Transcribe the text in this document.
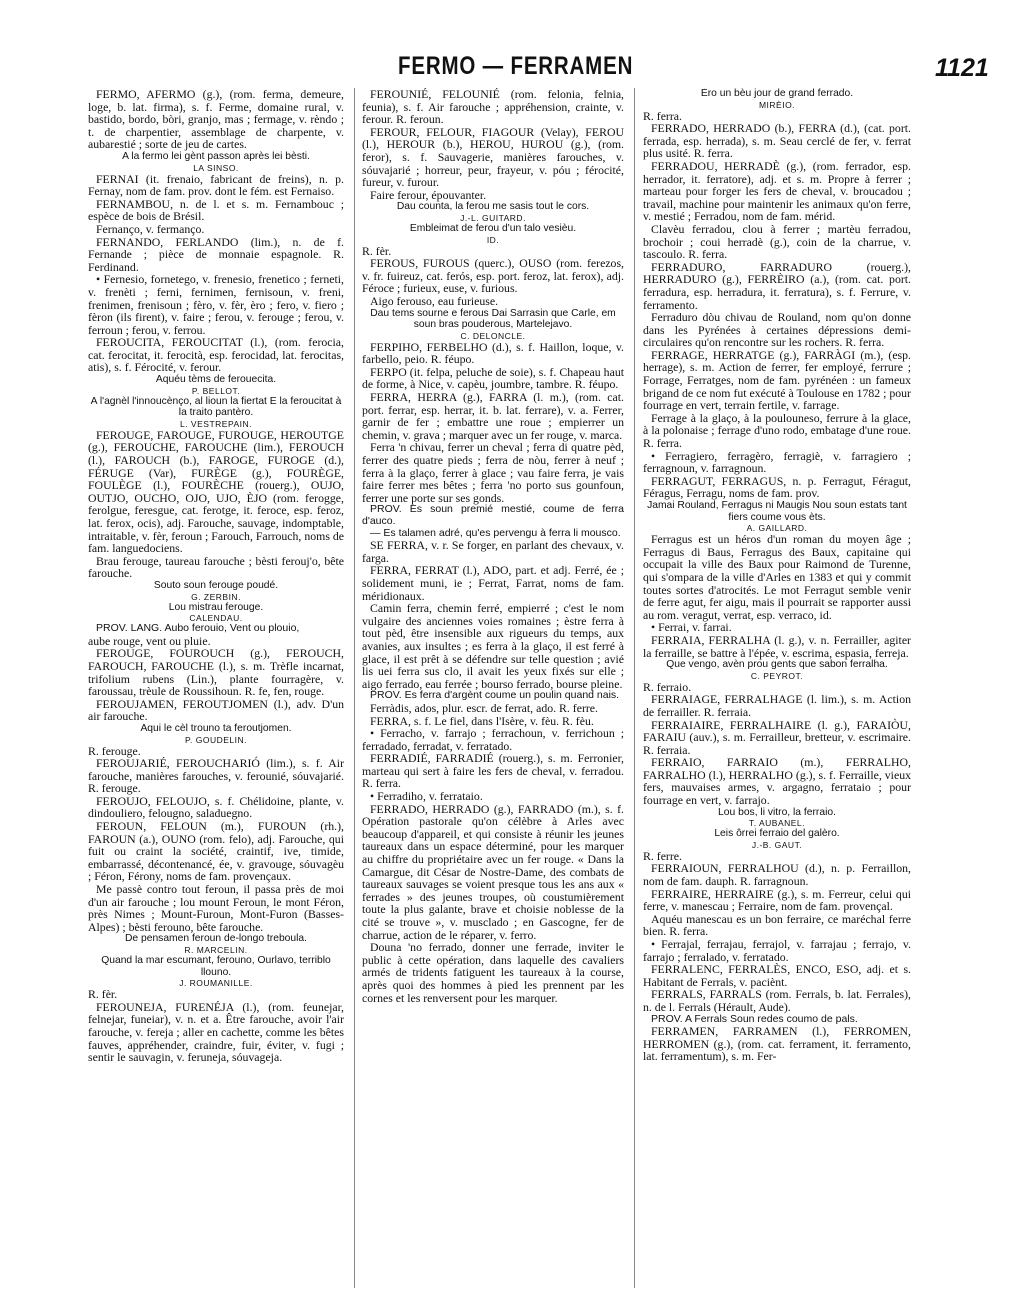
FERMO — FERRAMEN	1121

FERMO, AFERMO (g.), (rom. ferma, demeure, loge, b. lat. firma), s. f. Ferme, domaine rural, v. bastido, bordo, bòri, granjo, mas ; fermage, v. rèndo ; t. de charpentier, assemblage de charpente, v. aubarestié ; sorte de jeu de cartes.

A la fermo lei gènt passon après lei bèsti.

LA SINSO.

FERNAI (it. frenaio, fabricant de freins), n. p. Fernay, nom de fam. prov. dont le fém. est Fernaiso.

FERNAMBOU, n. de l. et s. m. Fernambouc ; espèce de bois de Brésil.

Fernanço, v. fermanço.

FERNANDO, FERLANDO (lim.), n. de f. Fernande ; pièce de monnaie espagnole. R. Ferdinand.

• Fernesio, fornetego, v. frenesio, frenetico ; ferneti, v. frenèti ; ferni, fernimen, fernisoun, v. freni, frenimen, frenisoun ; fèro, v. fèr, èro ; fero, v. fiero ; fèron (ils firent), v. faire ; ferou, v. ferouge ; ferou, v. ferroun ; ferou, v. ferrou.

FEROUCITA, FEROUCITAT (l.), (rom. ferocia, cat. ferocitat, it. ferocità, esp. ferocidad, lat. ferocitas, atis), s. f. Férocité, v. ferour.

Aquéu tèms de ferouecita.

P. BELLOT.

A l'agnèl l'innoucènço, al lioun la fiertat E la feroucitat à la traito pantèro.

L. VESTREPAIN.

FEROUGE, FAROUGE, FUROUGE, HEROUTGE (g.), FEROUCHE, FAROUCHE (lim.), FEROUCH (l.), FAROUCH (b.), FAROGE, FUROGE (d.), FÉRUGE (Var), FURÈGE (g.), FOURÈGE, FOULÈGE (l.), FOURÈCHE (rouerg.), OUJO, OUTJO, OUCHO, OJO, UJO, ÈJO (rom. ferogge, ferolgue, feresgue, cat. ferotge, it. feroce, esp. feroz, lat. ferox, ocis), adj. Farouche, sauvage, indomptable, intraitable, v. fèr, feroun ; Farouch, Farrouch, noms de fam. languedociens.

Brau ferouge, taureau farouche ; bèsti ferouj'o, bête farouche.

Souto soun ferouge poudé.

G. ZERBIN.

Lou mistrau ferouge.

CALENDAU.

PROV. LANG. Aubo ferouio, Vent ou plouio,

aube rouge, vent ou pluie.

FEROUGE, FOUROUCH (g.), FEROUCH, FAROUCH, FAROUCHE (l.), s. m. Trèfle incarnat, trifolium rubens (Lin.), plante fourragère, v. faroussau, trèule de Roussihoun. R. fe, fen, rouge.

FEROUJAMEN, FEROUTJOMEN (l.), adv. D'un air farouche.

Aqui le cèl trouno ta feroutjomen.

P. GOUDELIN.

R. ferouge.

FEROUJARIÉ, FEROUCHARIÓ (lim.), s. f. Air farouche, manières farouches, v. ferounié, sóuvajarié. R. ferouge.

FEROUJO, FELOUJO, s. f. Chélidoine, plante, v. dindouliero, felougno, saladuegno.

FEROUN, FELOUN (m.), FUROUN (rh.), FAROUN (a.), OUNO (rom. felo), adj. Farouche, qui fuit ou craint la société, craintif, ive, timide, embarrassé, décontenancé, ée, v. gravouge, sóuvagèu ; Féron, Férony, noms de fam. provençaux.

Me passè contro tout feroun, il passa près de moi d'un air farouche ; lou mount Feroun, le mont Féron, près Nimes ; Mount-Furoun, Mont-Furon (Basses-Alpes) ; bèsti ferouno, bête farouche.

De pensamen feroun de-longo treboula.

R. MARCELIN.

Quand la mar escumant, ferouno, Ourlavo, terriblo llouno.

J. ROUMANILLE.

R. fèr.

FEROUNEJA, FURENÉJA (l.), (rom. feunejar, felnejar, funeiar), v. n. et a. Être farouche, avoir l'air farouche, v. fereja ; aller en cachette, comme les bêtes fauves, appréhender, craindre, fuir, éviter, v. fugi ; sentir le sauvagin, v. feruneja, sóuvageja.

FEROUNIÉ, FELOUNIÉ (rom. felonia, felnia, feunia), s. f. Air farouche ; appréhension, crainte, v. ferour. R. feroun.

FEROUR, FELOUR, FIAGOUR (Velay), FEROU (l.), HEROUR (b.), HEROU, HUROU (g.), (rom. feror), s. f. Sauvagerie, manières farouches, v. sóuvajarié ; horreur, peur, frayeur, v. póu ; férocité, fureur, v. furour.

Faire ferour, épouvanter.

Dau counta, la ferou me sasis tout le cors.

J.-L. GUITARD.

Embleimat de ferou d'un talo vesièu.

ID.

R. fèr.

FEROUS, FUROUS (querc.), OUSO (rom. ferezos, v. fr. fuireuz, cat. ferós, esp. port. feroz, lat. ferox), adj. Féroce ; furieux, euse, v. furious.

Aigo ferouso, eau furieuse.

Dau tems sourne e ferous Dai Sarrasin que Carle, em soun bras pouderous, Martelejavo.

C. DELONCLE.

FERPIHO, FERBELHO (d.), s. f. Haillon, loque, v. farbello, peio. R. féupo.

FERPO (it. felpa, peluche de soie), s. f. Chapeau haut de forme, à Nice, v. capèu, joumbre, tambre. R. féupo.

FERRA, HERRA (g.), FARRA (l. m.), (rom. cat. port. ferrar, esp. herrar, it. b. lat. ferrare), v. a. Ferrer, garnir de fer ; embattre une roue ; empierrer un chemin, v. grava ; marquer avec un fer rouge, v. marca.

Ferra 'n chivau, ferrer un cheval ; ferra di quatre pèd, ferrer des quatre pieds ; ferra de nòu, ferrer à neuf ; ferra à la glaço, ferrer à glace ; vau faire ferra, je vais faire ferrer mes bêtes ; ferra 'no porto sus gounfoun, ferrer une porte sur ses gonds.

PROV. Es soun premié mestié, coume de ferra d'auco.

— Es talamen adré, qu'es pervengu à ferra li mousco.

SE FERRA, v. r. Se forger, en parlant des chevaux, v. farga.

FERRA, FERRAT (l.), ADO, part. et adj. Ferré, ée ; solidement muni, ie ; Ferrat, Farrat, noms de fam. méridionaux.

Camin ferra, chemin ferré, empierré ; c'est le nom vulgaire des anciennes voies romaines ; èstre ferra à tout pèd, être insensible aux rigueurs du temps, aux avanies, aux insultes ; es ferra à la glaço, il est ferré à glace, il est prêt à se défendre sur telle question ; avié lis uei ferra sus clo, il avait les yeux fixés sur elle ; aigo ferrado, eau ferrée ; bourso ferrado, bourse pleine.

PROV. Es ferra d'argènt coume un poulin quand nais.

Ferràdis, ados, plur. escr. de ferrat, ado. R. ferre.

FERRA, s. f. Le fiel, dans l'Isère, v. fèu. R. fèu.

• Ferracho, v. farrajo ; ferrachoun, v. ferrichoun ; ferradado, ferradat, v. ferratado.

FERRADIÉ, FARRADIÉ (rouerg.), s. m. Ferronier, marteau qui sert à faire les fers de cheval, v. ferradou. R. ferra.

• Ferradiho, v. ferrataio.

FERRADO, HERRADO (g.), FARRADO (m.), s. f. Opération pastorale qu'on célèbre à Arles avec beaucoup d'appareil, et qui consiste à réunir les jeunes taureaux dans un espace déterminé, pour les marquer au chiffre du propriétaire avec un fer rouge. « Dans la Camargue, dit César de Nostre-Dame, des combats de taureaux sauvages se voient presque tous les ans aux « ferrades » des jeunes troupes, où coustumièrement toute la plus galante, brave et choisie noblesse de la cité se trouve », v. musclado ; en Gascogne, fer de charrue, action de le réparer, v. ferro.

Douna 'no ferrado, donner une ferrade, inviter le public à cette opération, dans laquelle des cavaliers armés de tridents fatiguent les taureaux à la course, après quoi des hommes à pied les prennent par les cornes et les renversent pour les marquer.

Èro un bèu jour de grand ferrado.

MIRÈIO.

R. ferra.

FERRADO, HERRADO (b.), FERRA (d.), (cat. port. ferrada, esp. herrada), s. m. Seau cerclé de fer, v. ferrat plus usité. R. ferra.

FERRADOU, HERRADÈ (g.), (rom. ferrador, esp. herrador, it. ferratore), adj. et s. m. Propre à ferrer ; marteau pour forger les fers de cheval, v. broucadou ; travail, machine pour maintenir les animaux qu'on ferre, v. mestié ; Ferradou, nom de fam. mérid.

Clavèu ferradou, clou à ferrer ; martèu ferradou, brochoir ; coui herradè (g.), coin de la charrue, v. tascoulo. R. ferra.

FERRADURO, FARRADURO (rouerg.), HERRADURO (g.), FERRÈIRO (a.), (rom. cat. port. ferradura, esp. herradura, it. ferratura), s. f. Ferrure, v. ferramento.

Ferraduro dòu chivau de Rouland, nom qu'on donne dans les Pyrénées à certaines dépressions demi-circulaires qu'on rencontre sur les rochers. R. ferra.

FERRAGE, HERRATGE (g.), FARRÀGI (m.), (esp. herrage), s. m. Action de ferrer, fer employé, ferrure ; Forrage, Ferratges, nom de fam. pyrénéen : un fameux brigand de ce nom fut exécuté à Toulouse en 1782 ; pour fourrage en vert, terrain fertile, v. farrage.

Ferrage à la glaço, à la poulouneso, ferrure à la glace, à la polonaise ; ferrage d'uno rodo, embatage d'une roue. R. ferra.

• Ferragiero, ferragèro, ferragiè, v. farragiero ; ferragnoun, v. farragnoun.

FERRAGUT, FERRAGUS, n. p. Ferragut, Féragut, Féragus, Ferragu, noms de fam. prov.

Jamai Rouland, Ferragus ni Maugis Nou soun estats tant fiers coume vous èts.

A. GAILLARD.

Ferragus est un héros d'un roman du moyen âge ; Ferragus di Baus, Ferragus des Baux, capitaine qui occupait la ville des Baux pour Raimond de Turenne, qui s'ompara de la ville d'Arles en 1383 et qui y commit toutes sortes d'atrocités. Le mot Ferragut semble venir de ferre agut, fer aigu, mais il pourrait se rapporter aussi au rom. veragut, verrat, esp. verraco, id.

• Ferrai, v. farrai.

FERRAIA, FERRALHA (l. g.), v. n. Ferrailler, agiter la ferraille, se battre à l'épée, v. escrima, espasia, ferreja.

Que vengo, avèn prou gents que sabon ferralha.

C. PEYROT.

R. ferraio.

FERRAIAGE, FERRALHAGE (l. lim.), s. m. Action de ferrailler. R. ferraia.

FERRAIAIRE, FERRALHAIRE (l. g.), FARAIÒU, FARAIU (auv.), s. m. Ferrailleur, bretteur, v. escrimaire. R. ferraia.

FERRAIO, FARRAIO (m.), FERRALHO, FARRALHO (l.), HERRALHO (g.), s. f. Ferraille, vieux fers, mauvaises armes, v. argagno, ferrataio ; pour fourrage en vert, v. farrajo.

Lou bos, li vitro, la ferraio.

T. AUBANEL.

Leis ôrrei ferraio del galèro.

J.-B. GAUT.

R. ferre.

FERRAIOUN, FERRALHOU (d.), n. p. Ferraillon, nom de fam. dauph. R. farragnoun.

FERRAIRE, HERRAIRE (g.), s. m. Ferreur, celui qui ferre, v. manescau ; Ferraire, nom de fam. provençal.

Aquéu manescau es un bon ferraire, ce maréchal ferre bien. R. ferra.

• Ferrajal, ferrajau, ferrajol, v. farrajau ; ferrajo, v. farrajo ; ferralado, v. ferratado.

FERRALENC, FERRALÈS, ENCO, ESO, adj. et s. Habitant de Ferrals, v. paciènt.

FERRALS, FARRALS (rom. Ferrals, b. lat. Ferrales), n. de l. Ferrals (Hérault, Aude).

PROV. A Ferrals Soun redes coumo de pals.

FERRAMEN, FARRAMEN (l.), FERROMEN, HERROMEN (g.), (rom. cat. ferrament, it. ferramento, lat. ferramentum), s. m. Fer-
